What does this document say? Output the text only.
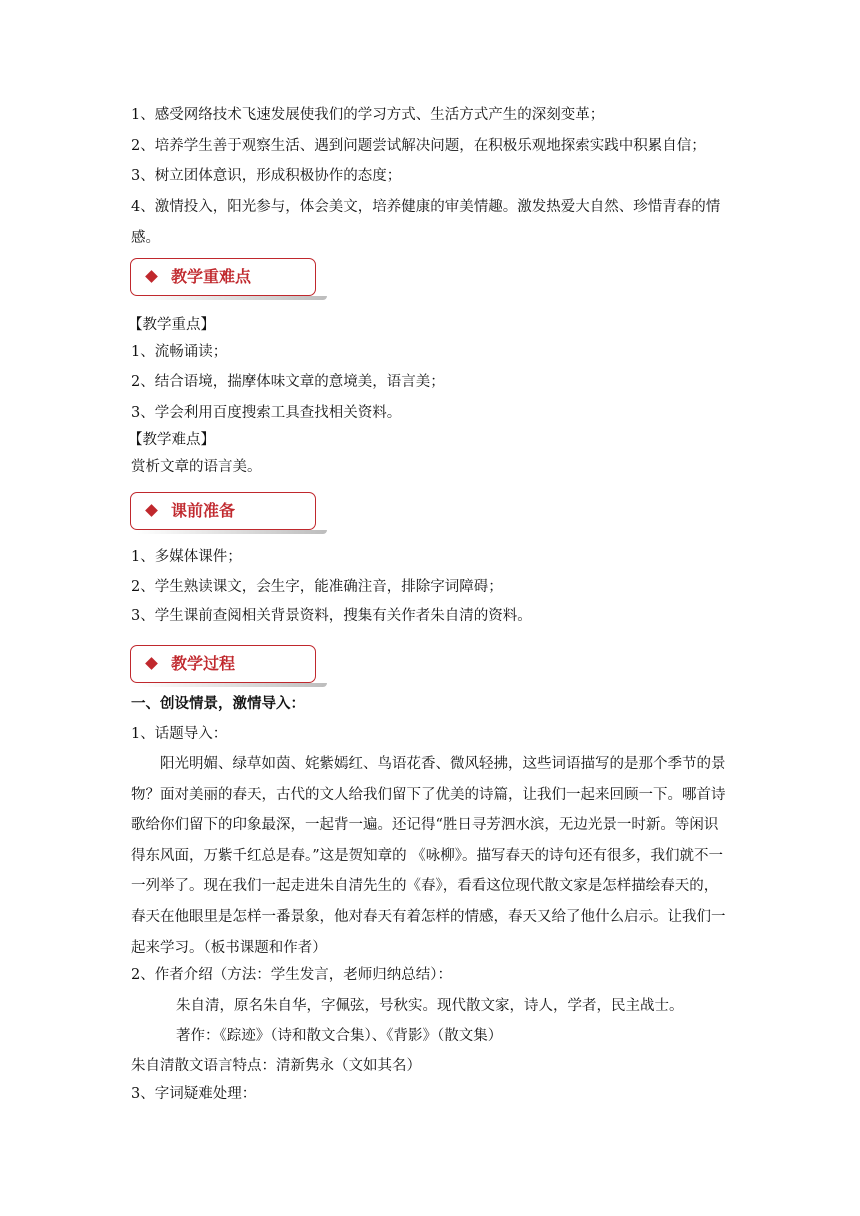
1、感受网络技术飞速发展使我们的学习方式、生活方式产生的深刻变革；
2、培养学生善于观察生活、遇到问题尝试解决问题，在积极乐观地探索实践中积累自信；
3、树立团体意识，形成积极协作的态度；
4、激情投入，阳光参与，体会美文，培养健康的审美情趣。激发热爱大自然、珍惜青春的情感。
教学重难点
【教学重点】
1、流畅诵读；
2、结合语境，揣摩体味文章的意境美，语言美；
3、学会利用百度搜索工具查找相关资料。
【教学难点】
赏析文章的语言美。
课前准备
1、多媒体课件；
2、学生熟读课文，会生字，能准确注音，排除字词障碍；
3、学生课前查阅相关背景资料，搜集有关作者朱自清的资料。
教学过程
一、创设情景，激情导入：
1、话题导入：
阳光明媚、绿草如茵、姹紫嫣红、鸟语花香、微风轻拂，这些词语描写的是那个季节的景物？面对美丽的春天，古代的文人给我们留下了优美的诗篇，让我们一起来回顾一下。哪首诗歌给你们留下的印象最深，一起背一遍。还记得“胜日寻芳泗水滨，无边光景一时新。等闲识得东风面，万紫千红总是春。”这是贺知章的 《咏柳》。描写春天的诗句还有很多，我们就不一一列举了。现在我们一起走进朱自清先生的《春》，看看这位现代散文家是怎样描绘春天的，春天在他眼里是怎样一番景象，他对春天有着怎样的情感，春天又给了他什么启示。让我们一起来学习。（板书课题和作者）
2、作者介绍（方法：学生发言，老师归纳总结）：
朱自清，原名朱自华，字佩弦，号秋实。现代散文家，诗人，学者，民主战士。
著作：《踪迹》（诗和散文合集）、《背影》（散文集）
朱自清散文语言特点：清新隽永（文如其名）
3、字词疑难处理：
